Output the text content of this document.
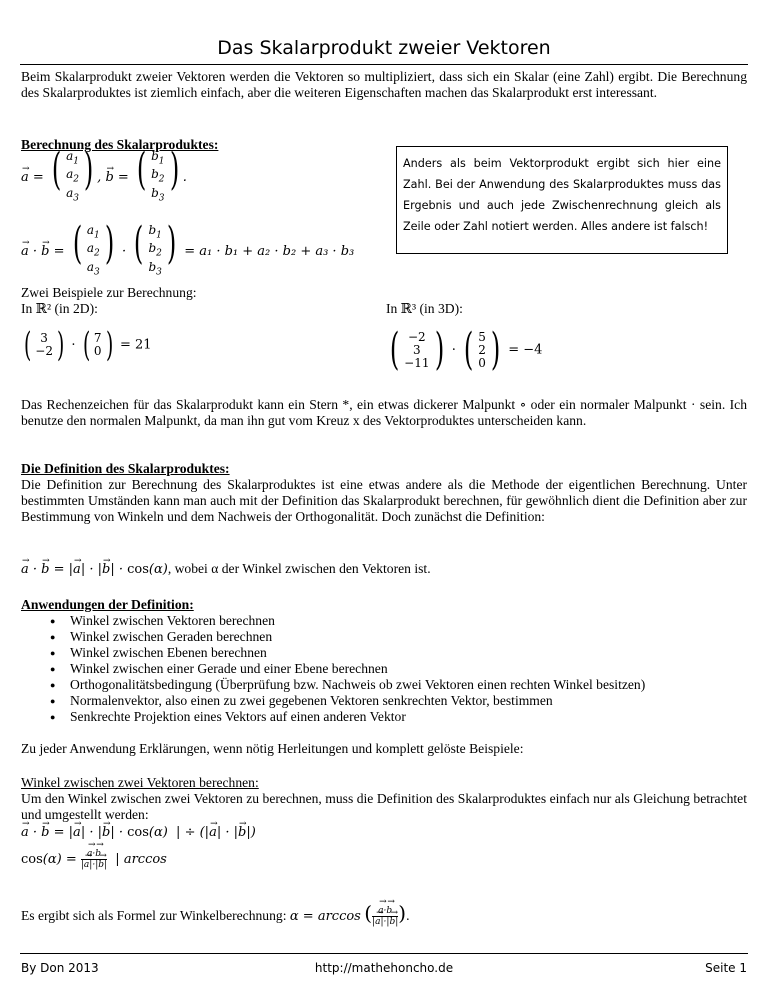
Das Skalarprodukt zweier Vektoren
Beim Skalarprodukt zweier Vektoren werden die Vektoren so multipliziert, dass sich ein Skalar (eine Zahl) ergibt. Die Berechnung des Skalarproduktes ist ziemlich einfach, aber die weiteren Eigenschaften machen das Skalarprodukt erst interessant.
Berechnung des Skalarproduktes:
a → = ( $a_1$
$a_2$
$a_3$
) , b → = ( $b_1$
$b_2$
$b_3$
) .
a → · b → = ( $a_1$
$a_2$
$a_3$
) · ( $b_1$
$b_2$
$b_3$
) = a₁ · b₁ + a₂ · b₂ + a₃ · b₃
Anders als beim Vektorprodukt ergibt sich hier eine Zahl. Bei der Anwendung des Skalarproduktes muss das Ergebnis und auch jede Zwischenrechnung gleich als Zeile oder Zahl notiert werden. Alles andere ist falsch!
Zwei Beispiele zur Berechnung:
In ℝ² (in 2D):	In ℝ³ (in 3D):
( 3
−2 ) · ( 7
0 ) = 21	( −2
3
−11 ) · ( 5
2
0 ) = −4
Das Rechenzeichen für das Skalarprodukt kann ein Stern *, ein etwas dickerer Malpunkt ∘ oder ein normaler Malpunkt · sein. Ich benutze den normalen Malpunkt, da man ihn gut vom Kreuz x des Vektorproduktes unterscheiden kann.
Die Definition des Skalarproduktes:
Die Definition zur Berechnung des Skalarproduktes ist eine etwas andere als die Methode der eigentlichen Berechnung. Unter bestimmten Umständen kann man auch mit der Definition das Skalarprodukt berechnen, für gewöhnlich dient die Definition aber zur Bestimmung von Winkeln und dem Nachweis der Orthogonalität. Doch zunächst die Definition:
a → · b → = |a →| · |b →| · cos(α), wobei α der Winkel zwischen den Vektoren ist.
Anwendungen der Definition:
● Winkel zwischen Vektoren berechnen
● Winkel zwischen Geraden berechnen
● Winkel zwischen Ebenen berechnen
● Winkel zwischen einer Gerade und einer Ebene berechnen
● Orthogonalitätsbedingung (Überprüfung bzw. Nachweis ob zwei Vektoren einen rechten Winkel besitzen)
● Normalenvektor, also einen zu zwei gegebenen Vektoren senkrechten Vektor, bestimmen
● Senkrechte Projektion eines Vektors auf einen anderen Vektor
Zu jeder Anwendung Erklärungen, wenn nötig Herleitungen und komplett gelöste Beispiele:
Winkel zwischen zwei Vektoren berechnen:
Um den Winkel zwischen zwei Vektoren zu berechnen, muss die Definition des Skalarproduktes einfach nur als Gleichung betrachtet und umgestellt werden:
a → · b → = |a →| · |b →| · cos(α)  | ÷ (|a →| · |b →|)
$\cos(\alpha) = \frac{a \to\cdot b \to}{|a \to|\cdot|b \to|}$ | arccos
Es ergibt sich als Formel zur Winkelberechnung: α = arccos ( $\frac{a \to\cdot b \to}{|a \to|\cdot|b \to|}$ ).
By Don 2013	http://mathehoncho.de	Seite 1
